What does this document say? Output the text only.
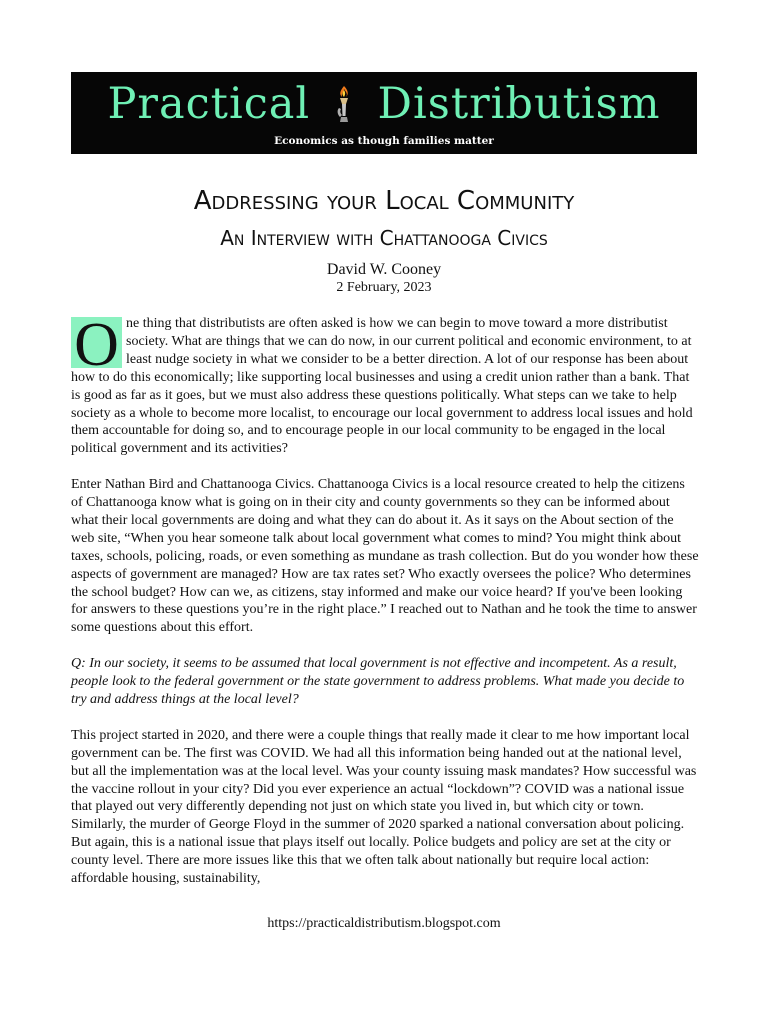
Practical Distributism
Economics as though families matter
Addressing your Local Community
An Interview with Chattanooga Civics
David W. Cooney
2 February, 2023

O ne thing that distributists are often asked is how we can begin to move toward a more distributist society. What are things that we can do now, in our current political and economic environment, to at least nudge society in what we consider to be a better direction. A lot of our response has been about how to do this economically; like supporting local businesses and using a credit union rather than a bank. That is good as far as it goes, but we must also address these questions politically. What steps can we take to help society as a whole to become more localist, to encourage our local government to address local issues and hold them accountable for doing so, and to encourage people in our local community to be engaged in the local political government and its activities?

Enter Nathan Bird and Chattanooga Civics. Chattanooga Civics is a local resource created to help the citizens of Chattanooga know what is going on in their city and county governments so they can be informed about what their local governments are doing and what they can do about it. As it says on the About section of the web site, “When you hear someone talk about local government what comes to mind? You might think about taxes, schools, policing, roads, or even something as mundane as trash collection. But do you wonder how these aspects of government are managed? How are tax rates set? Who exactly oversees the police? Who determines the school budget? How can we, as citizens, stay informed and make our voice heard? If you've been looking for answers to these questions you’re in the right place.” I reached out to Nathan and he took the time to answer some questions about this effort.

Q: In our society, it seems to be assumed that local government is not effective and incompetent. As a result, people look to the federal government or the state government to address problems. What made you decide to try and address things at the local level?

This project started in 2020, and there were a couple things that really made it clear to me how important local government can be. The first was COVID. We had all this information being handed out at the national level, but all the implementation was at the local level. Was your county issuing mask mandates? How successful was the vaccine rollout in your city? Did you ever experience an actual “lockdown”? COVID was a national issue that played out very differently depending not just on which state you lived in, but which city or town. Similarly, the murder of George Floyd in the summer of 2020 sparked a national conversation about policing. But again, this is a national issue that plays itself out locally. Police budgets and policy are set at the city or county level. There are more issues like this that we often talk about nationally but require local action: affordable housing, sustainability,

https://practicaldistributism.blogspot.com
